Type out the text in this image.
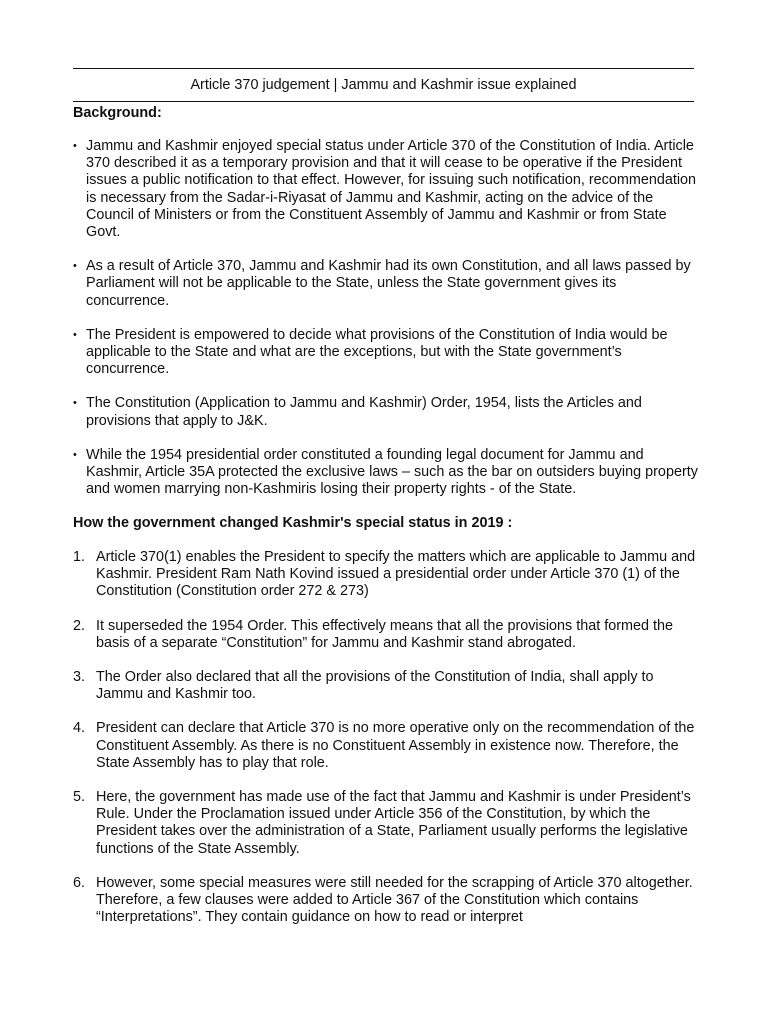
Article 370 judgement | Jammu and Kashmir issue explained
Background:
• Jammu and Kashmir enjoyed special status under Article 370 of the Constitution of India. Article 370 described it as a temporary provision and that it will cease to be operative if the President issues a public notification to that effect. However, for issuing such notification, recommendation is necessary from the Sadar-i-Riyasat of Jammu and Kashmir, acting on the advice of the Council of Ministers or from the Constituent Assembly of Jammu and Kashmir or from State Govt.
• As a result of Article 370, Jammu and Kashmir had its own Constitution, and all laws passed by Parliament will not be applicable to the State, unless the State government gives its concurrence.
• The President is empowered to decide what provisions of the Constitution of India would be applicable to the State and what are the exceptions, but with the State government’s concurrence.
• The Constitution (Application to Jammu and Kashmir) Order, 1954, lists the Articles and provisions that apply to J&K.
• While the 1954 presidential order constituted a founding legal document for Jammu and Kashmir, Article 35A protected the exclusive laws – such as the bar on outsiders buying property and women marrying non-Kashmiris losing their property rights - of the State.
How the government changed Kashmir's special status in 2019 :
1. Article 370(1) enables the President to specify the matters which are applicable to Jammu and Kashmir. President Ram Nath Kovind issued a presidential order under Article 370 (1) of the Constitution (Constitution order 272 & 273)
2. It superseded the 1954 Order. This effectively means that all the provisions that formed the basis of a separate “Constitution” for Jammu and Kashmir stand abrogated.
3. The Order also declared that all the provisions of the Constitution of India, shall apply to Jammu and Kashmir too.
4. President can declare that Article 370 is no more operative only on the recommendation of the Constituent Assembly. As there is no Constituent Assembly in existence now. Therefore, the State Assembly has to play that role.
5. Here, the government has made use of the fact that Jammu and Kashmir is under President’s Rule. Under the Proclamation issued under Article 356 of the Constitution, by which the President takes over the administration of a State, Parliament usually performs the legislative functions of the State Assembly.
6. However, some special measures were still needed for the scrapping of Article 370 altogether. Therefore, a few clauses were added to Article 367 of the Constitution which contains “Interpretations”. They contain guidance on how to read or interpret
